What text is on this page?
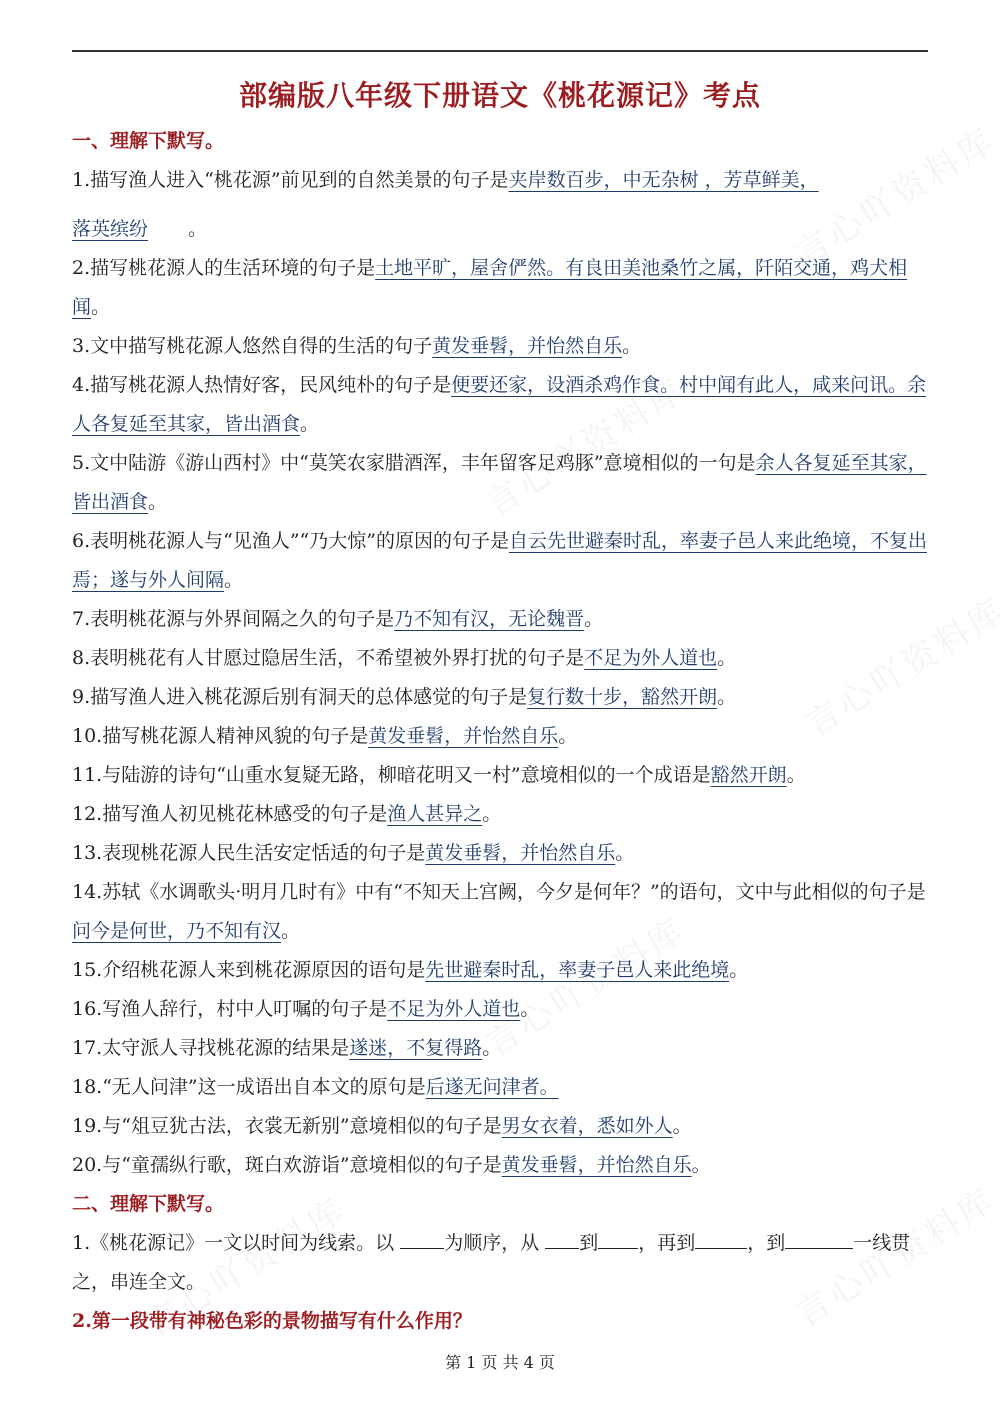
部编版八年级下册语文《桃花源记》考点
一、理解下默写。
1.描写渔人进入“桃花源”前见到的自然美景的句子是夹岸数百步，中无杂树 ，芳草鲜美，
落英缤纷 。
2.描写桃花源人的生活环境的句子是土地平旷，屋舍俨然。有良田美池桑竹之属，阡陌交通，鸡犬相闻。
3.文中描写桃花源人悠然自得的生活的句子黄发垂髫，并怡然自乐。
4.描写桃花源人热情好客，民风纯朴的句子是便要还家，设酒杀鸡作食。村中闻有此人，咸来问讯。余人各复延至其家，皆出酒食。
5.文中陆游《游山西村》中“莫笑农家腊酒浑，丰年留客足鸡豚”意境相似的一句是余人各复延至其家，皆出酒食。
6.表明桃花源人与“见渔人”“乃大惊”的原因的句子是自云先世避秦时乱，率妻子邑人来此绝境，不复出焉；遂与外人间隔。
7.表明桃花源与外界间隔之久的句子是乃不知有汉，无论魏晋。
8.表明桃花有人甘愿过隐居生活，不希望被外界打扰的句子是不足为外人道也。
9.描写渔人进入桃花源后别有洞天的总体感觉的句子是复行数十步，豁然开朗。
10.描写桃花源人精神风貌的句子是黄发垂髫，并怡然自乐。
11.与陆游的诗句“山重水复疑无路，柳暗花明又一村”意境相似的一个成语是豁然开朗。
12.描写渔人初见桃花林感受的句子是渔人甚异之。
13.表现桃花源人民生活安定恬适的句子是黄发垂髫，并怡然自乐。
14.苏轼《水调歌头·明月几时有》中有“不知天上宫阙，今夕是何年？”的语句，文中与此相似的句子是问今是何世，乃不知有汉。
15.介绍桃花源人来到桃花源原因的语句是先世避秦时乱，率妻子邑人来此绝境。
16.写渔人辞行，村中人叮嘱的句子是不足为外人道也。
17.太守派人寻找桃花源的结果是遂迷，不复得路。
18.“无人问津”这一成语出自本文的原句是后遂无问津者。
19.与“俎豆犹古法，衣裳无新别”意境相似的句子是男女衣着，悉如外人。
20.与“童孺纵行歌，斑白欢游诣”意境相似的句子是黄发垂髫，并怡然自乐。
二、理解下默写。
1.《桃花源记》一文以时间为线索。以	为顺序，从 到 ，再到	，到	一线贯之，串连全文。
2.第一段带有神秘色彩的景物描写有什么作用？
第 1 页 共 4 页
